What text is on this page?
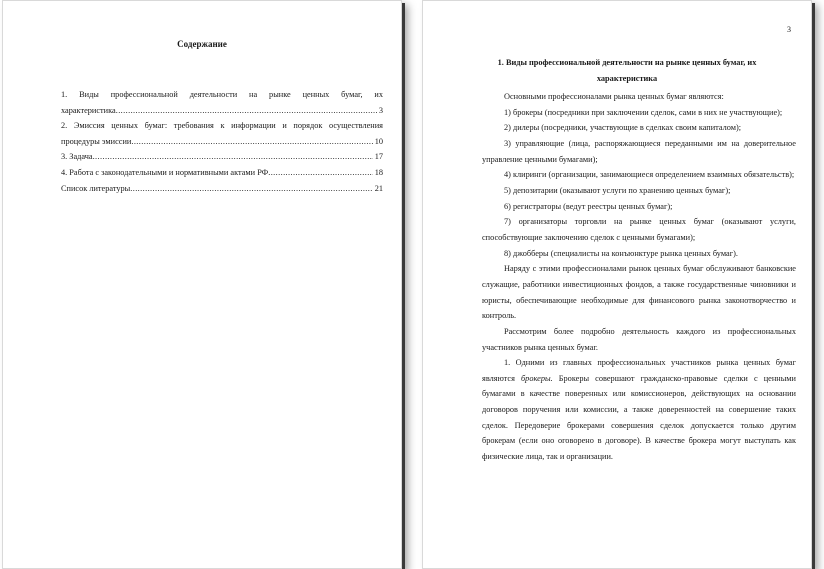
Содержание
1. Виды профессиональной деятельности на рынке ценных бумаг, их
характеристика .....	3
2. Эмиссия ценных бумаг: требования к информации и порядок осуществления
процедуры эмиссии .....	10
3. Задача .....	17
4. Работа с законодательными и нормативными актами РФ .....	18
Список литературы .....	21
3
1. Виды профессиональной деятельности на рынке ценных бумаг, их
характеристика

Основными профессионалами рынка ценных бумаг являются:

1) брокеры (посредники при заключении сделок, сами в них не участвующие);

2) дилеры (посредники, участвующие в сделках своим капиталом);

3) управляющие (лица, распоряжающиеся переданными им на доверительное управление ценными бумагами);

4) клиринги (организации, занимающиеся определением взаимных обязательств);

5) депозитарии (оказывают услуги по хранению ценных бумаг);

6) регистраторы (ведут реестры ценных бумаг);

7) организаторы торговли на рынке ценных бумаг (оказывают услуги, способствующие заключению сделок с ценными бумагами);

8) джобберы (специалисты на конъюнктуре рынка ценных бумаг).

Наряду с этими профессионалами рынок ценных бумаг обслуживают банковские служащие, работники инвестиционных фондов, а также государственные чиновники и юристы, обеспечивающие необходимые для финансового рынка законотворчество и контроль.

Рассмотрим более подробно деятельность каждого из профессиональных участников рынка ценных бумаг.

1. Одними из главных профессиональных участников рынка ценных бумаг являются брокеры. Брокеры совершают гражданско-правовые сделки с ценными бумагами в качестве поверенных или комиссионеров, действующих на основании договоров поручения или комиссии, а также доверенностей на совершение таких сделок. Передоверие брокерами совершения сделок допускается только другим брокерам (если оно оговорено в договоре). В качестве брокера могут выступать как физические лица, так и организации.
